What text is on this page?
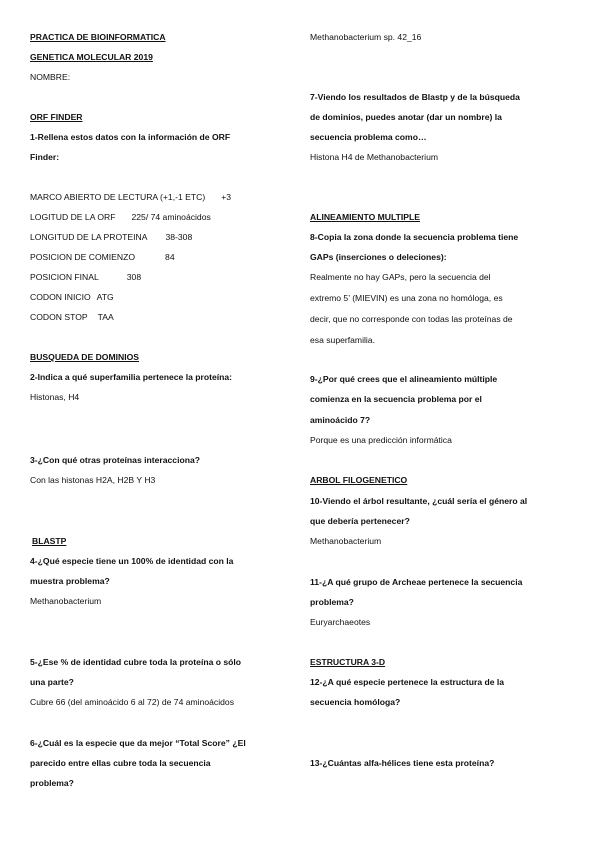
PRACTICA DE BIOINFORMATICA
GENETICA MOLECULAR 2019
NOMBRE:
ORF FINDER
1-Rellena estos datos con la información de ORF
Finder:
MARCO ABIERTO DE LECTURA (+1,-1 ETC) +3
LOGITUD DE LA ORF 225/ 74 aminoácidos
LONGITUD DE LA PROTEINA 38-308
POSICION DE COMIENZO	84
POSICION FINAL	308
CODON INICIO ATG
CODON STOP TAA
BUSQUEDA DE DOMINIOS
2-Indica a qué superfamilia pertenece la proteína:
Histonas, H4
3-¿Con qué otras proteínas interacciona?
Con las histonas H2A, H2B Y H3
BLASTP
4-¿Qué especie tiene un 100% de identidad con la
muestra problema?
Methanobacterium
5-¿Ese % de identidad cubre toda la proteína o sólo
una parte?
Cubre 66 (del aminoácido 6 al 72) de 74 aminoácidos
6-¿Cuál es la especie que da mejor “Total Score” ¿El
parecido entre ellas cubre toda la secuencia
problema?
Methanobacterium sp. 42_16
7-Viendo los resultados de Blastp y de la búsqueda
de dominios, puedes anotar (dar un nombre) la
secuencia problema como…
Histona H4 de Methanobacterium
ALINEAMIENTO MULTIPLE
8-Copia la zona donde la secuencia problema tiene
GAPs (inserciones o deleciones):
Realmente no hay GAPs, pero la secuencia del
extremo 5’ (MIEVIN) es una zona no homóloga, es
decir, que no corresponde con todas las proteínas de
esa superfamilia.
9-¿Por qué crees que el alineamiento múltiple
comienza en la secuencia problema por el
aminoácido 7?
Porque es una predicción informática
ARBOL FILOGENETICO
10-Viendo el árbol resultante, ¿cuál sería el género al
que debería pertenecer?
Methanobacterium
11-¿A qué grupo de Archeae pertenece la secuencia
problema?
Euryarchaeotes
ESTRUCTURA 3-D
12-¿A qué especie pertenece la estructura de la
secuencia homóloga?
13-¿Cuántas alfa-hélices tiene esta proteína?
